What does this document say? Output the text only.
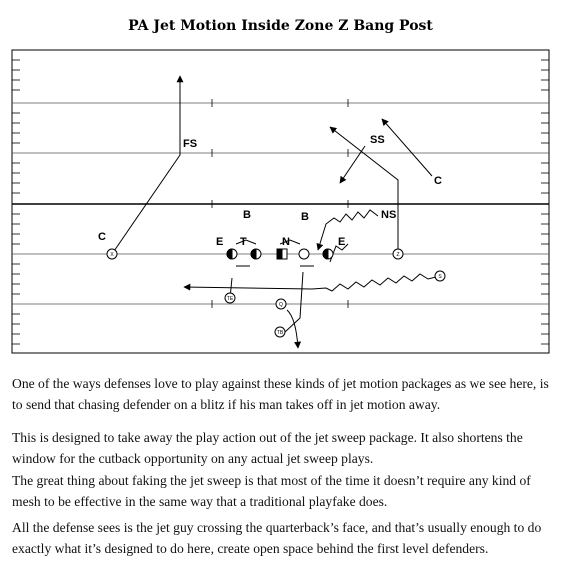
PA Jet Motion Inside Zone Z Bang Post
X	Z
S
TE
Q
TB
FS	SS
C
C
B	B	NS
E T	N	E

One of the ways defenses love to play against these kinds of jet motion packages as we see here, is to send that chasing defender on a blitz if his man takes off in jet motion away.

This is designed to take away the play action out of the jet sweep package. It also shortens the window for the cutback opportunity on any actual jet sweep plays.

The great thing about faking the jet sweep is that most of the time it doesn’t require any kind of mesh to be effective in the same way that a traditional playfake does.

All the defense sees is the jet guy crossing the quarterback’s face, and that’s usually enough to do exactly what it’s designed to do here, create open space behind the first level defenders.
